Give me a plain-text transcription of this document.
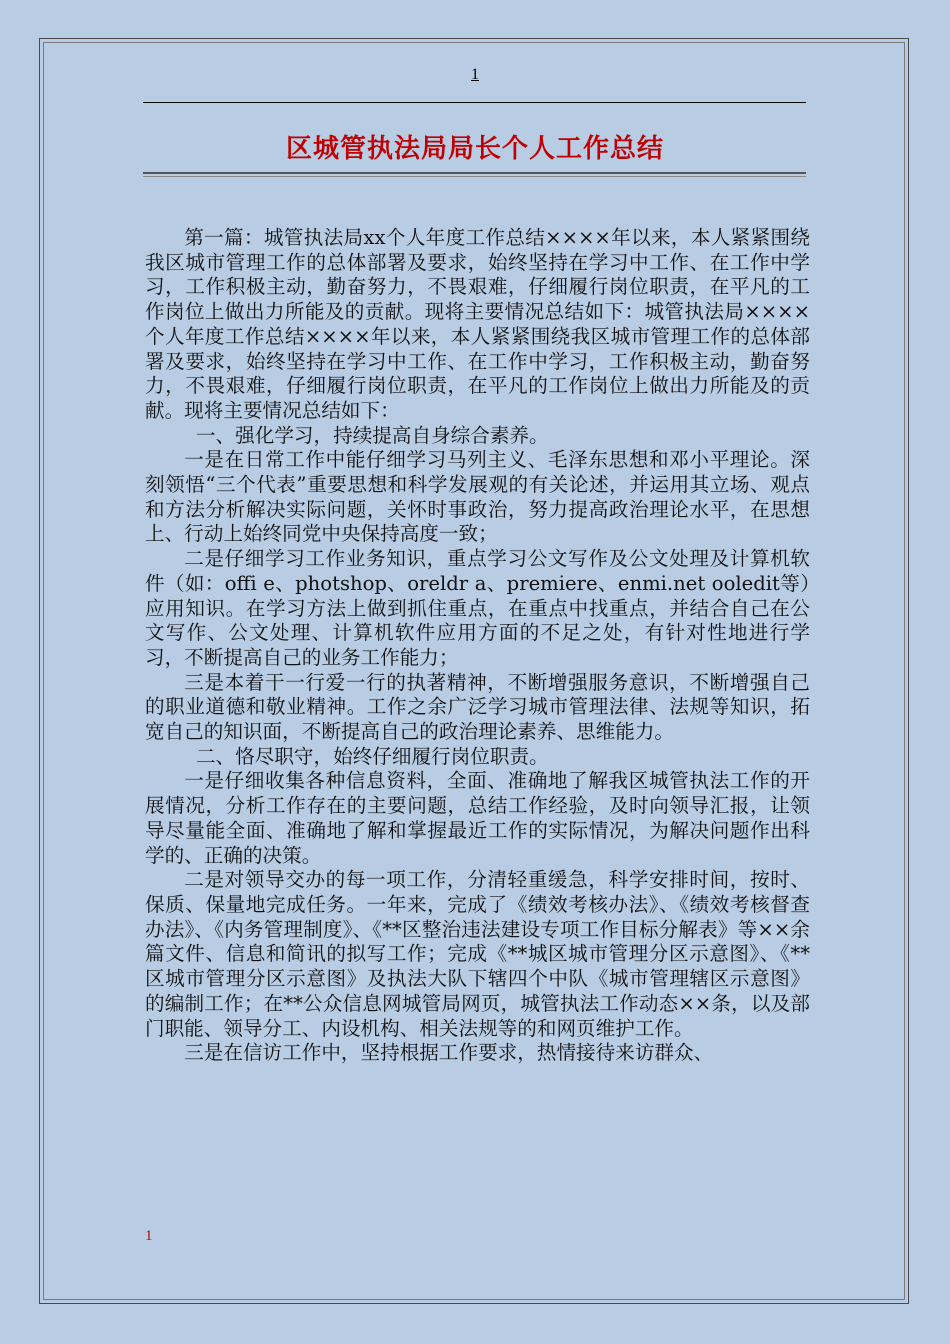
1
区城管执法局局长个人工作总结

第一篇：城管执法局xx个人年度工作总结××××年以来，本人紧紧围绕我区城市管理工作的总体部署及要求，始终坚持在学习中工作、在工作中学习，工作积极主动，勤奋努力，不畏艰难，仔细履行岗位职责，在平凡的工作岗位上做出力所能及的贡献。现将主要情况总结如下：城管执法局××××个人年度工作总结××××年以来，本人紧紧围绕我区城市管理工作的总体部署及要求，始终坚持在学习中工作、在工作中学习，工作积极主动，勤奋努力，不畏艰难，仔细履行岗位职责，在平凡的工作岗位上做出力所能及的贡献。现将主要情况总结如下：

一、强化学习，持续提高自身综合素养。

一是在日常工作中能仔细学习马列主义、毛泽东思想和邓小平理论。深刻领悟“三个代表”重要思想和科学发展观的有关论述，并运用其立场、观点和方法分析解决实际问题，关怀时事政治，努力提高政治理论水平，在思想上、行动上始终同党中央保持高度一致；

二是仔细学习工作业务知识，重点学习公文写作及公文处理及计算机软件（如：offi e、photshop、oreldr a、premiere、enmi.net ooledit等）应用知识。在学习方法上做到抓住重点，在重点中找重点，并结合自己在公文写作、公文处理、计算机软件应用方面的不足之处，有针对性地进行学习，不断提高自己的业务工作能力；

三是本着干一行爱一行的执著精神，不断增强服务意识，不断增强自己的职业道德和敬业精神。工作之余广泛学习城市管理法律、法规等知识，拓宽自己的知识面，不断提高自己的政治理论素养、思维能力。

二、恪尽职守，始终仔细履行岗位职责。

一是仔细收集各种信息资料，全面、准确地了解我区城管执法工作的开展情况，分析工作存在的主要问题，总结工作经验，及时向领导汇报，让领导尽量能全面、准确地了解和掌握最近工作的实际情况，为解决问题作出科学的、正确的决策。

二是对领导交办的每一项工作，分清轻重缓急，科学安排时间，按时、保质、保量地完成任务。一年来，完成了《绩效考核办法》、《绩效考核督查办法》、《内务管理制度》、《**区整治违法建设专项工作目标分解表》等××余篇文件、信息和简讯的拟写工作；完成《**城区城市管理分区示意图》、《**区城市管理分区示意图》及执法大队下辖四个中队《城市管理辖区示意图》的编制工作；在**公众信息网城管局网页，城管执法工作动态××条，以及部门职能、领导分工、内设机构、相关法规等的和网页维护工作。

三是在信访工作中，坚持根据工作要求，热情接待来访群众、

1
